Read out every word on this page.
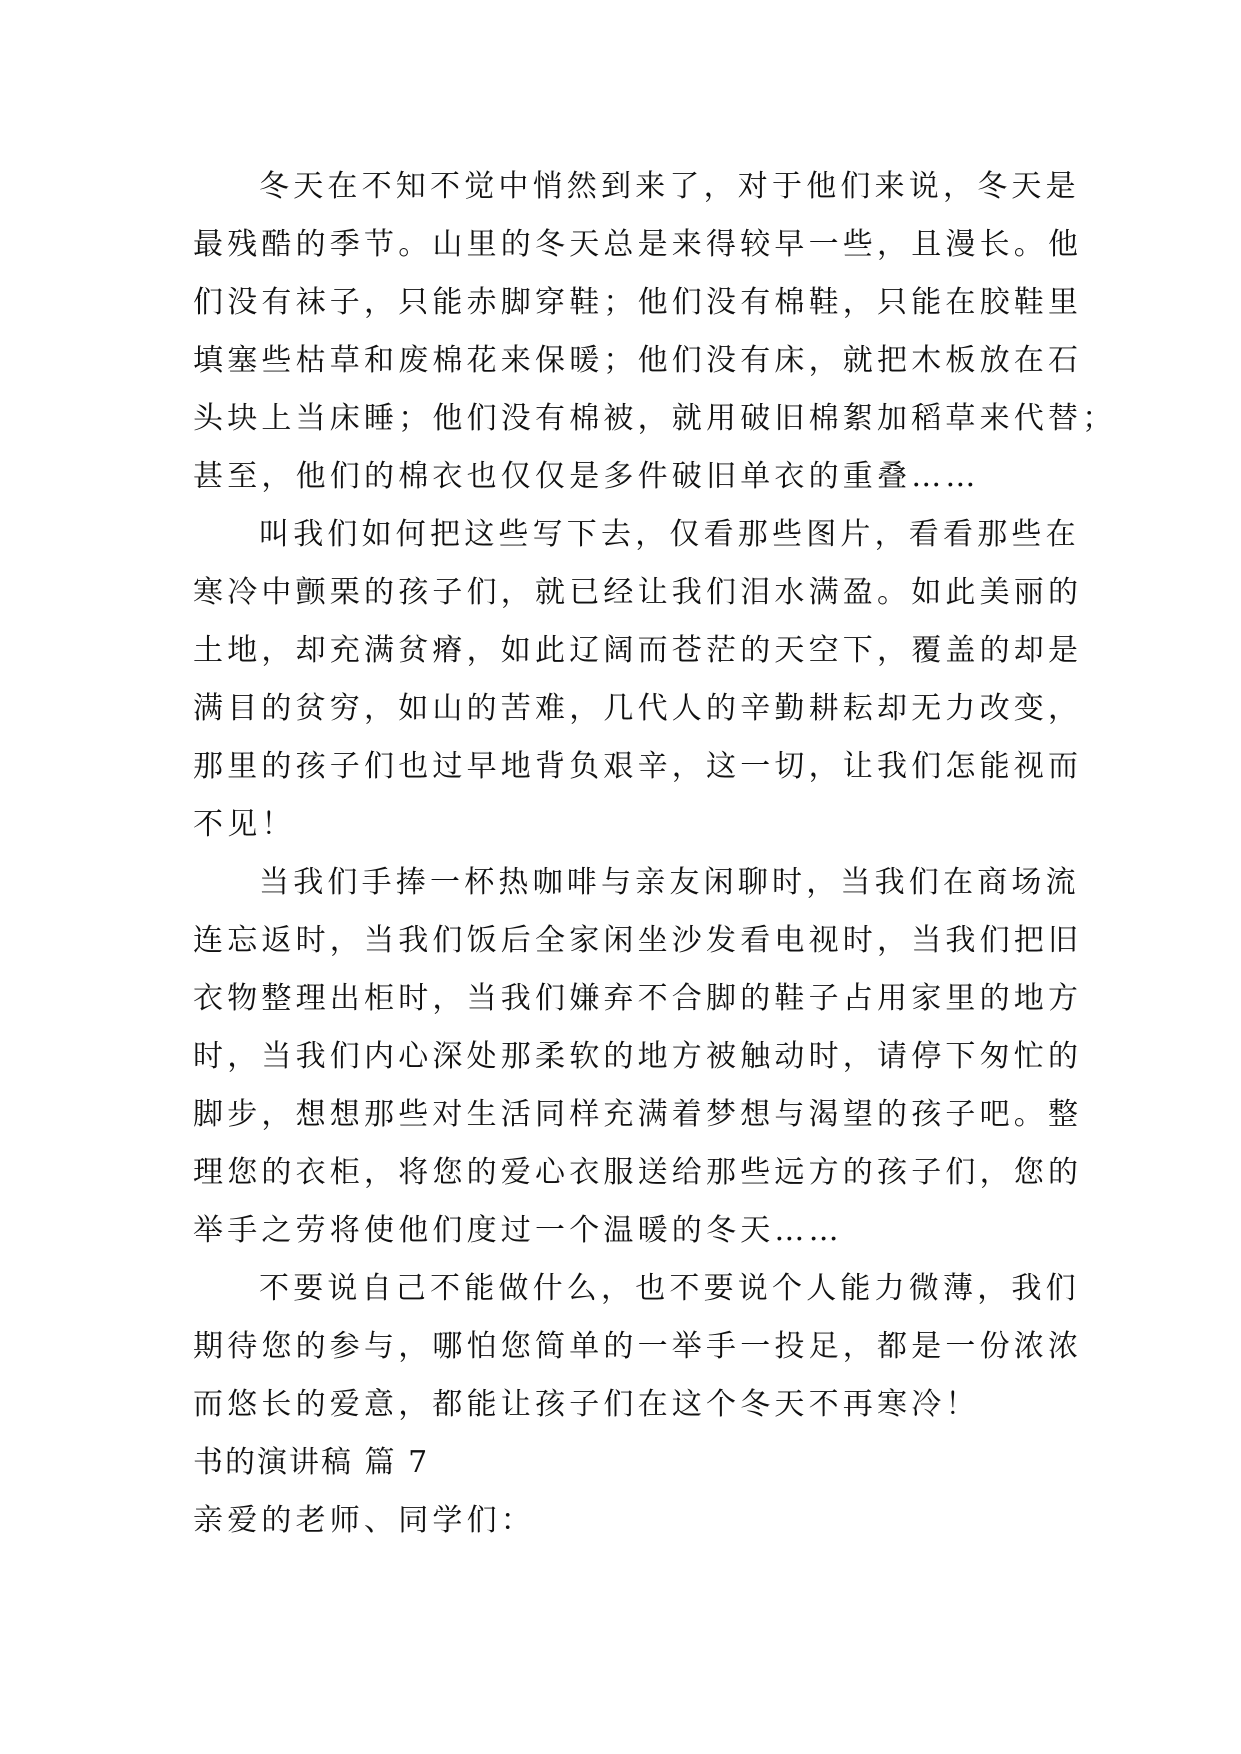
冬天在不知不觉中悄然到来了，对于他们来说，冬天是
最残酷的季节。山里的冬天总是来得较早一些，且漫长。他
们没有袜子，只能赤脚穿鞋；他们没有棉鞋，只能在胶鞋里
填塞些枯草和废棉花来保暖；他们没有床，就把木板放在石
头块上当床睡；他们没有棉被，就用破旧棉絮加稻草来代替；
甚至，他们的棉衣也仅仅是多件破旧单衣的重叠……
叫我们如何把这些写下去，仅看那些图片，看看那些在
寒冷中颤栗的孩子们，就已经让我们泪水满盈。如此美丽的
土地，却充满贫瘠，如此辽阔而苍茫的天空下，覆盖的却是
满目的贫穷，如山的苦难，几代人的辛勤耕耘却无力改变，
那里的孩子们也过早地背负艰辛，这一切，让我们怎能视而
不见！
当我们手捧一杯热咖啡与亲友闲聊时，当我们在商场流
连忘返时，当我们饭后全家闲坐沙发看电视时，当我们把旧
衣物整理出柜时，当我们嫌弃不合脚的鞋子占用家里的地方
时，当我们内心深处那柔软的地方被触动时，请停下匆忙的
脚步，想想那些对生活同样充满着梦想与渴望的孩子吧。整
理您的衣柜，将您的爱心衣服送给那些远方的孩子们，您的
举手之劳将使他们度过一个温暖的冬天……
不要说自己不能做什么，也不要说个人能力微薄，我们
期待您的参与，哪怕您简单的一举手一投足，都是一份浓浓
而悠长的爱意，都能让孩子们在这个冬天不再寒冷！
书的演讲稿 篇 7
亲爱的老师、同学们：
